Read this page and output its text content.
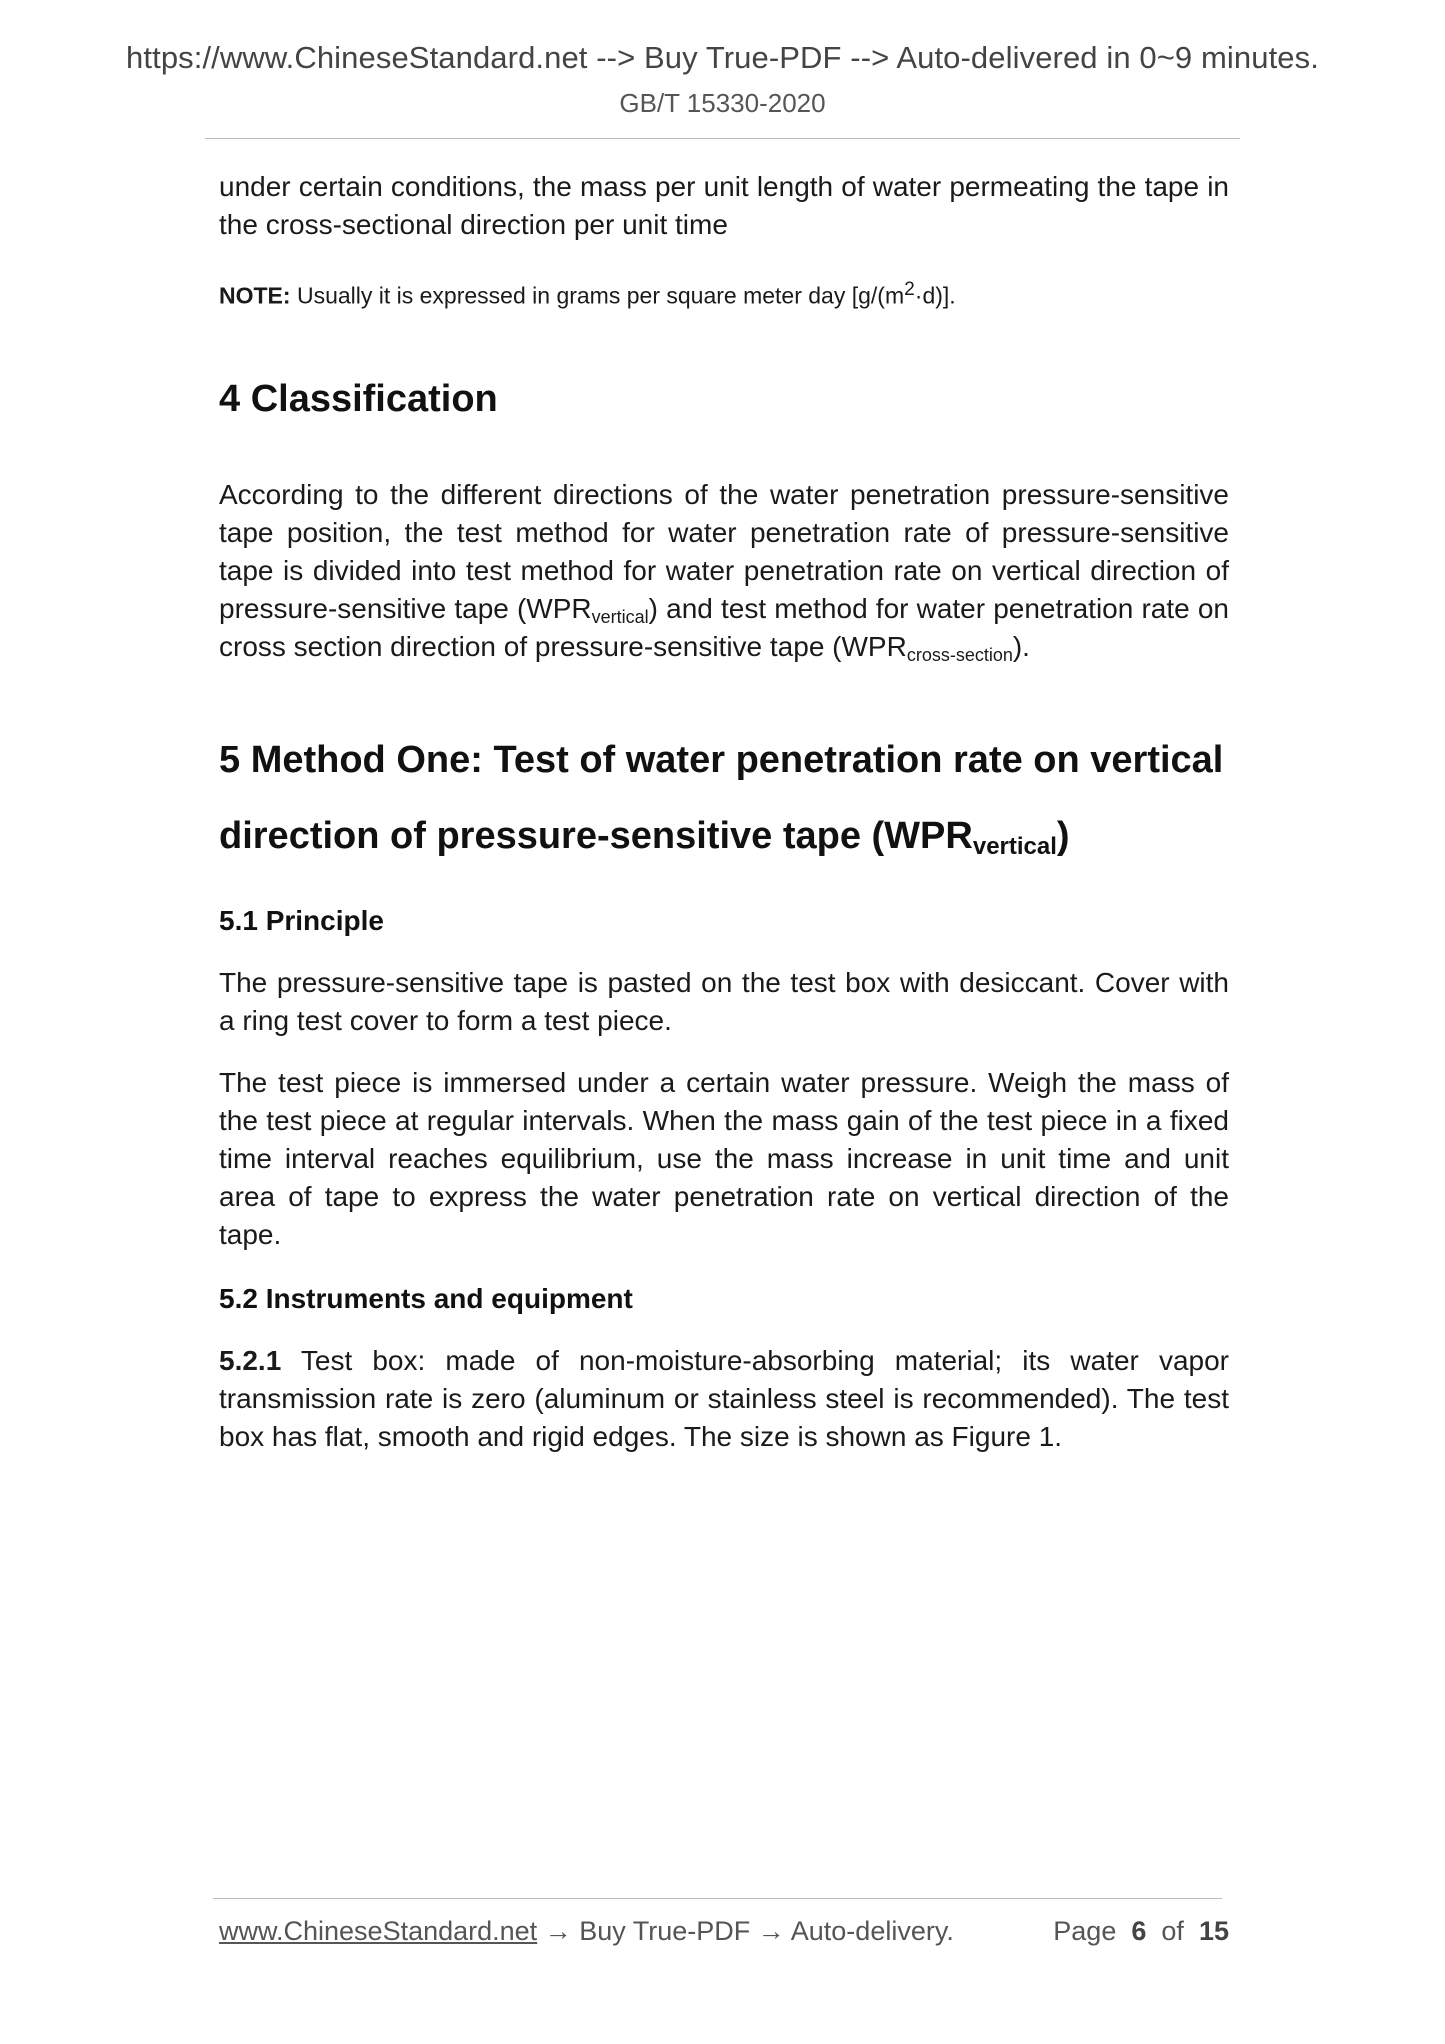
https://www.ChineseStandard.net --> Buy True-PDF --> Auto-delivered in 0~9 minutes.
GB/T 15330-2020

under certain conditions, the mass per unit length of water permeating the tape in the cross-sectional direction per unit time

NOTE: Usually it is expressed in grams per square meter day $[g/(m^2\cdot d)]$.

4 Classification

According to the different directions of the water penetration pressure-sensitive tape position, the test method for water penetration rate of pressure-sensitive tape is divided into test method for water penetration rate on vertical direction of pressure-sensitive tape (WPRvertical) and test method for water penetration rate on cross section direction of pressure-sensitive tape (WPRcross-section).

5 Method One: Test of water penetration rate on vertical direction of pressure-sensitive tape $(WPR_{vertical})$
5.1 Principle

The pressure-sensitive tape is pasted on the test box with desiccant. Cover with a ring test cover to form a test piece.

The test piece is immersed under a certain water pressure. Weigh the mass of the test piece at regular intervals. When the mass gain of the test piece in a fixed time interval reaches equilibrium, use the mass increase in unit time and unit area of tape to express the water penetration rate on vertical direction of the tape.

5.2 Instruments and equipment

5.2.1 Test box: made of non-moisture-absorbing material; its water vapor transmission rate is zero (aluminum or stainless steel is recommended). The test box has flat, smooth and rigid edges. The size is shown as Figure 1.

www.ChineseStandard.net → Buy True-PDF → Auto-delivery.	Page 6 of 15
